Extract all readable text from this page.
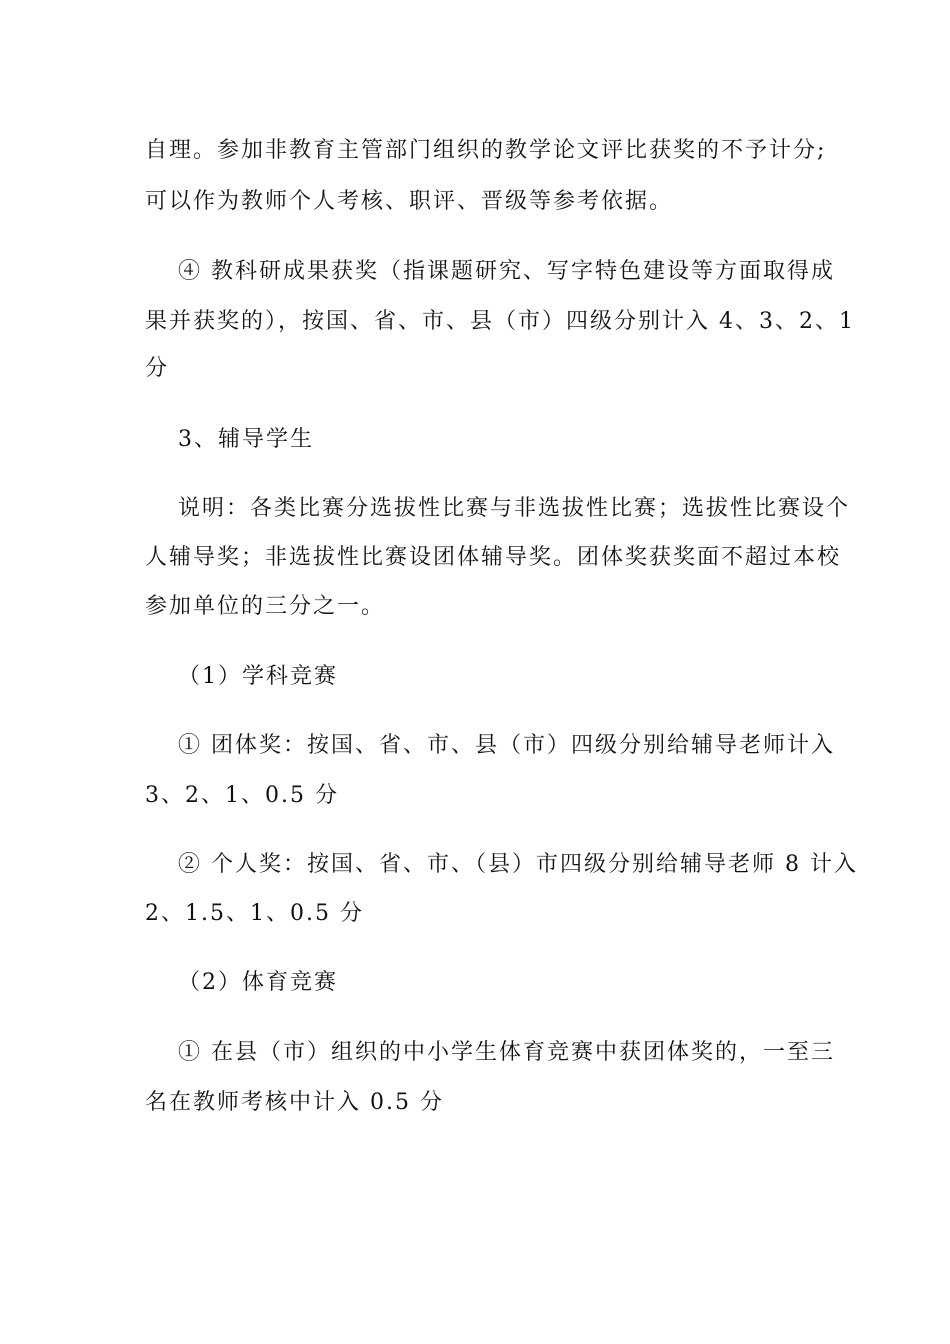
自理。参加非教育主管部门组织的教学论文评比获奖的不予计分;
可以作为教师个人考核、职评、晋级等参考依据。
④ 教科研成果获奖（指课题研究、写字特色建设等方面取得成
果并获奖的），按国、省、市、县（市）四级分别计入 4、3、2、1
分
3、辅导学生
说明：各类比赛分选拔性比赛与非选拔性比赛；选拔性比赛设个
人辅导奖；非选拔性比赛设团体辅导奖。团体奖获奖面不超过本校
参加单位的三分之一。
（1）学科竞赛
① 团体奖：按国、省、市、县（市）四级分别给辅导老师计入
3、2、1、0.5 分
② 个人奖：按国、省、市、（县）市四级分别给辅导老师 8 计入
2、1.5、1、0.5 分
（2）体育竞赛
① 在县（市）组织的中小学生体育竞赛中获团体奖的，一至三
名在教师考核中计入 0.5 分
